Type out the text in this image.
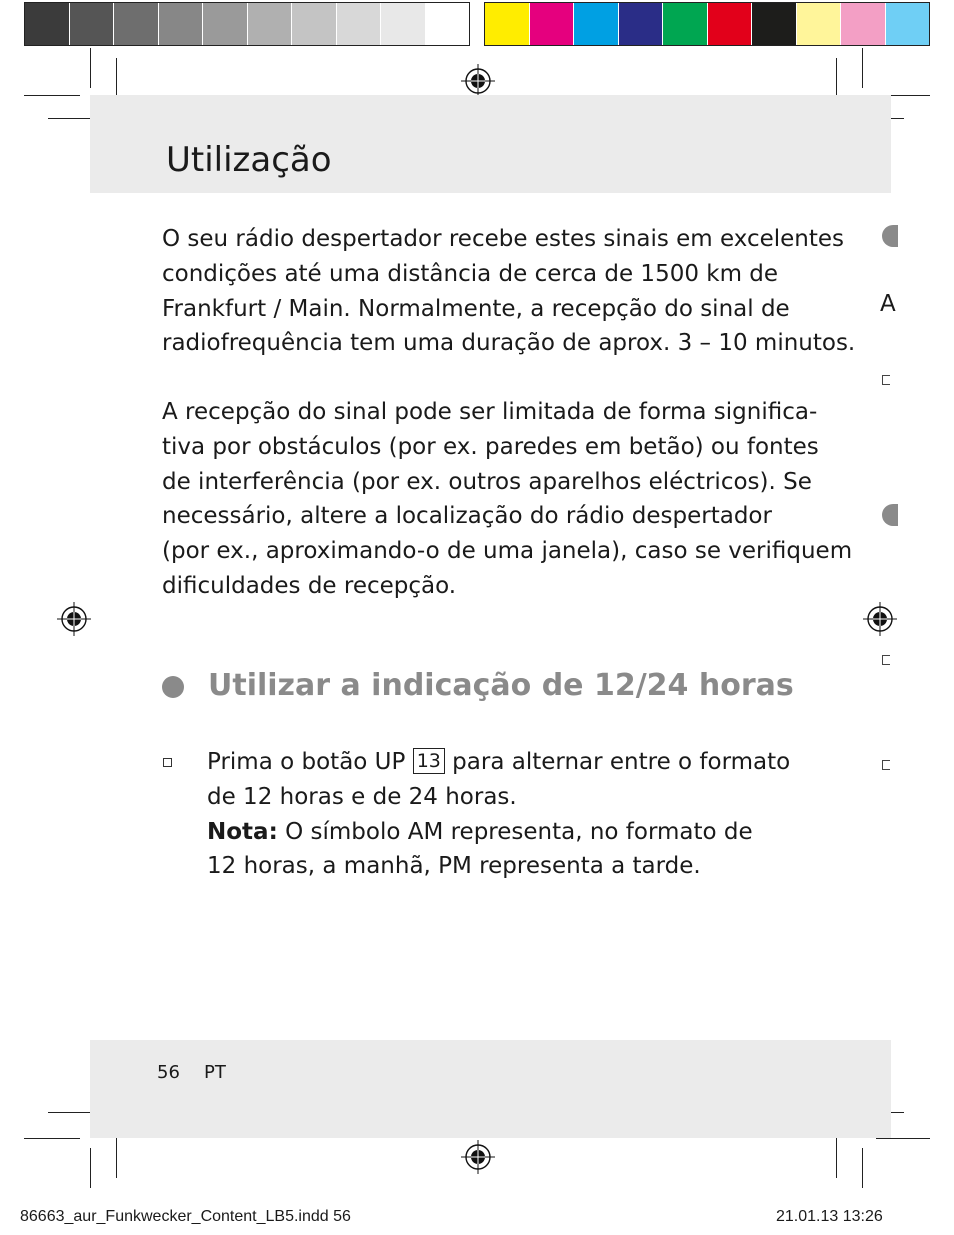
Utilização
O seu rádio despertador recebe estes sinais em excelentes
condições até uma distância de cerca de 1500 km de
Frankfurt / Main. Normalmente, a recepção do sinal de
radiofrequência tem uma duração de aprox. 3 – 10 minutos.
A recepção do sinal pode ser limitada de forma significa-
tiva por obstáculos (por ex. paredes em betão) ou fontes
de interferência (por ex. outros aparelhos eléctricos). Se
necessário, altere a localização do rádio despertador
(por ex., aproximando-o de uma janela), caso se verifiquem
dificuldades de recepção.
Utilizar a indicação de 12/24 horas
Prima o botão UP 13 para alternar entre o formato
de 12 horas e de 24 horas.
Nota: O símbolo AM representa, no formato de
12 horas, a manhã, PM representa a tarde.
A
56 PT
86663_aur_Funkwecker_Content_LB5.indd 56	21.01.13 13:26
